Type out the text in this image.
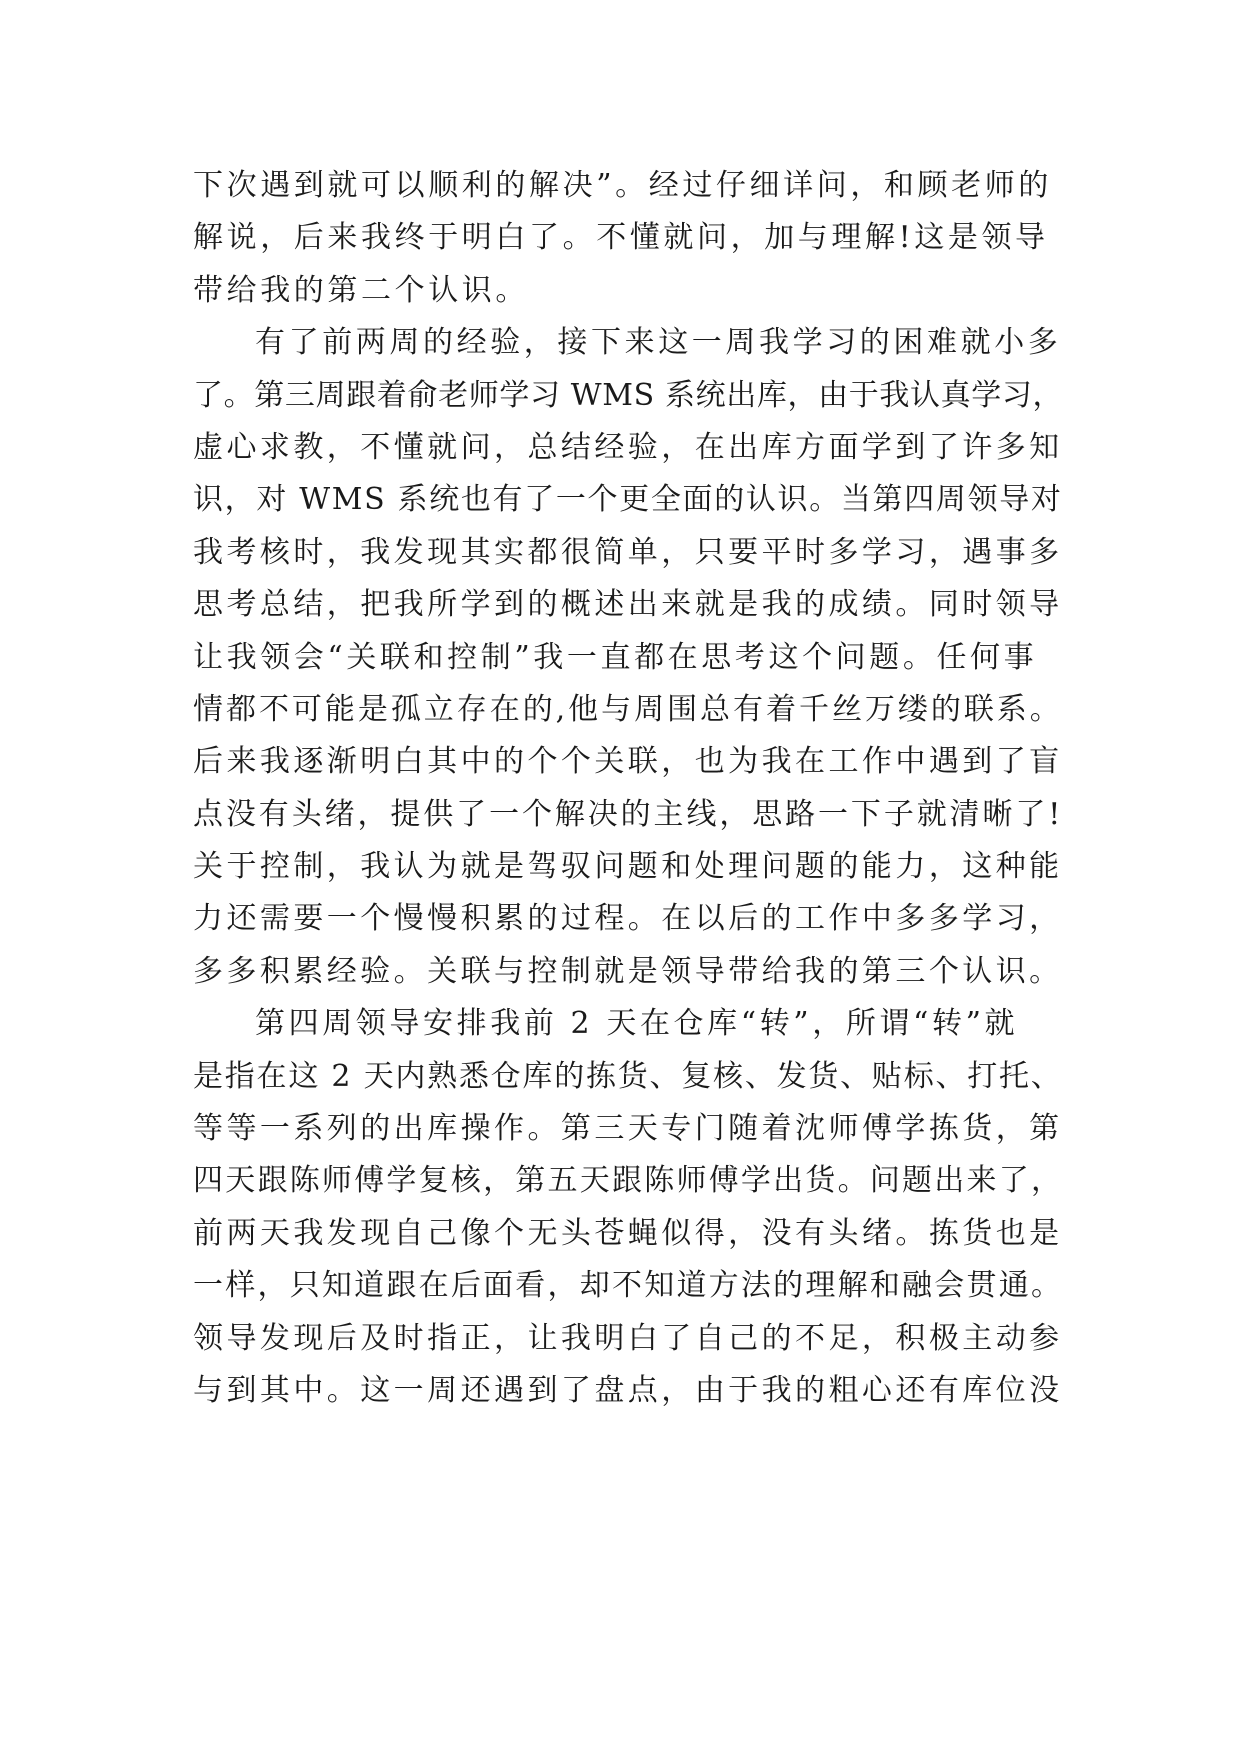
下次遇到就可以顺利的解决”。经过仔细详问，和顾老师的
解说，后来我终于明白了。不懂就问，加与理解!这是领导
带给我的第二个认识。
有了前两周的经验，接下来这一周我学习的困难就小多
了。第三周跟着俞老师学习 WMS 系统出库，由于我认真学习，
虚心求教，不懂就问，总结经验，在出库方面学到了许多知
识，对 WMS 系统也有了一个更全面的认识。当第四周领导对
我考核时，我发现其实都很简单，只要平时多学习，遇事多
思考总结，把我所学到的概述出来就是我的成绩。同时领导
让我领会“关联和控制”我一直都在思考这个问题。任何事
情都不可能是孤立存在的,他与周围总有着千丝万缕的联系。
后来我逐渐明白其中的个个关联，也为我在工作中遇到了盲
点没有头绪，提供了一个解决的主线，思路一下子就清晰了!
关于控制，我认为就是驾驭问题和处理问题的能力，这种能
力还需要一个慢慢积累的过程。在以后的工作中多多学习，
多多积累经验。关联与控制就是领导带给我的第三个认识。
第四周领导安排我前 2 天在仓库“转”，所谓“转”就
是指在这 2 天内熟悉仓库的拣货、复核、发货、贴标、打托、
等等一系列的出库操作。第三天专门随着沈师傅学拣货，第
四天跟陈师傅学复核，第五天跟陈师傅学出货。问题出来了，
前两天我发现自己像个无头苍蝇似得，没有头绪。拣货也是
一样，只知道跟在后面看，却不知道方法的理解和融会贯通。
领导发现后及时指正，让我明白了自己的不足，积极主动参
与到其中。这一周还遇到了盘点，由于我的粗心还有库位没
